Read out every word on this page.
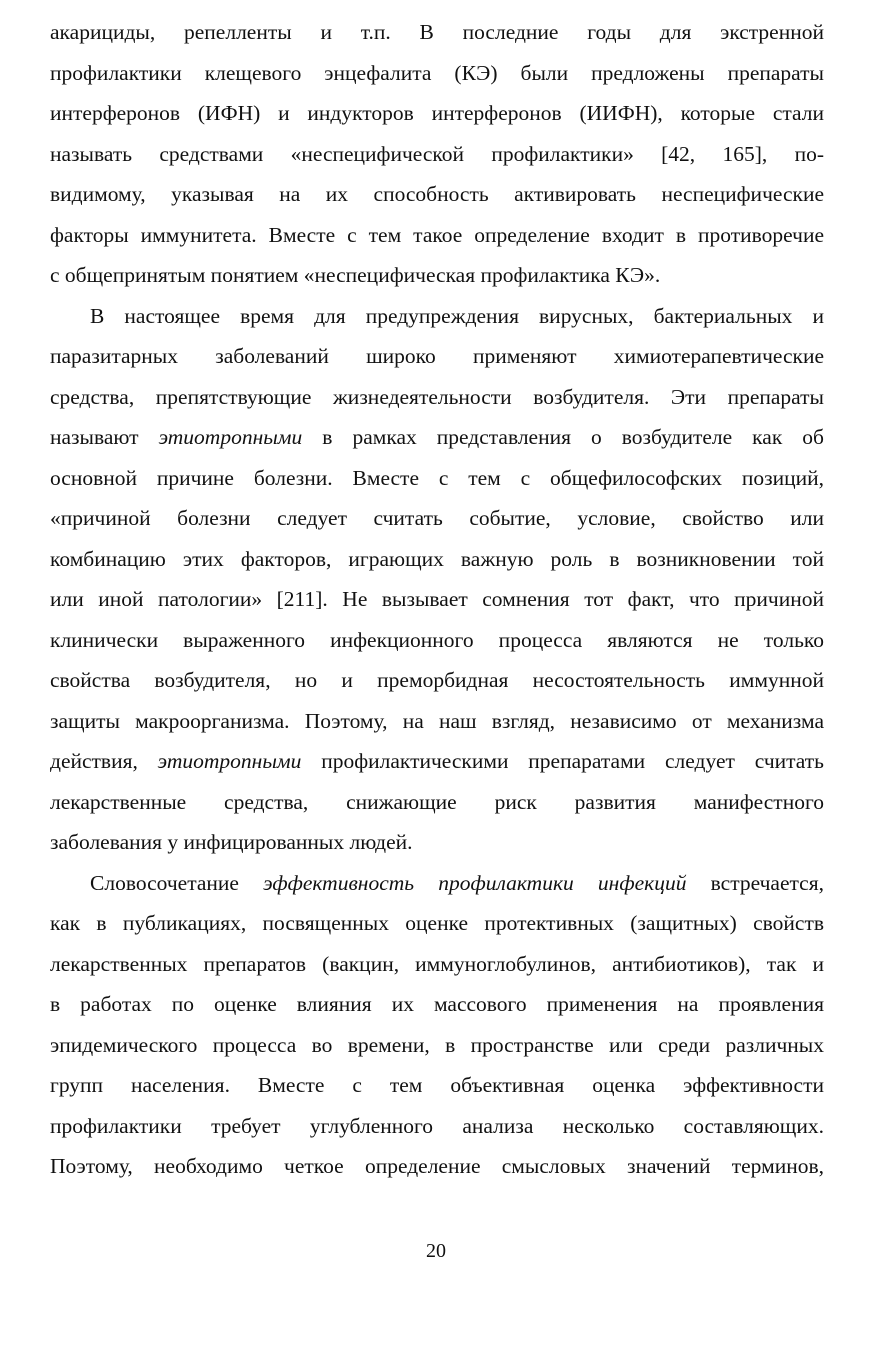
акарициды, репелленты и т.п. В последние годы для экстренной
профилактики клещевого энцефалита (КЭ) были предложены препараты
интерферонов (ИФН) и индукторов интерферонов (ИИФН), которые стали
называть средствами «неспецифической профилактики» [42, 165], по-
видимому, указывая на их способность активировать неспецифические
факторы иммунитета. Вместе с тем такое определение входит в противоречие
с общепринятым понятием «неспецифическая профилактика КЭ».
В настоящее время для предупреждения вирусных, бактериальных и
паразитарных заболеваний широко применяют химиотерапевтические
средства, препятствующие жизнедеятельности возбудителя. Эти препараты
называют этиотропными в рамках представления о возбудителе как об
основной причине болезни. Вместе с тем с общефилософских позиций,
«причиной болезни следует считать событие, условие, свойство или
комбинацию этих факторов, играющих важную роль в возникновении той
или иной патологии» [211]. Не вызывает сомнения тот факт, что причиной
клинически выраженного инфекционного процесса являются не только
свойства возбудителя, но и преморбидная несостоятельность иммунной
защиты макроорганизма. Поэтому, на наш взгляд, независимо от механизма
действия, этиотропными профилактическими препаратами следует считать
лекарственные средства, снижающие риск развития манифестного
заболевания у инфицированных людей.
Словосочетание эффективность профилактики инфекций встречается,
как в публикациях, посвященных оценке протективных (защитных) свойств
лекарственных препаратов (вакцин, иммуноглобулинов, антибиотиков), так и
в работах по оценке влияния их массового применения на проявления
эпидемического процесса во времени, в пространстве или среди различных
групп населения. Вместе с тем объективная оценка эффективности
профилактики требует углубленного анализа несколько составляющих.
Поэтому, необходимо четкое определение смысловых значений терминов,
20
